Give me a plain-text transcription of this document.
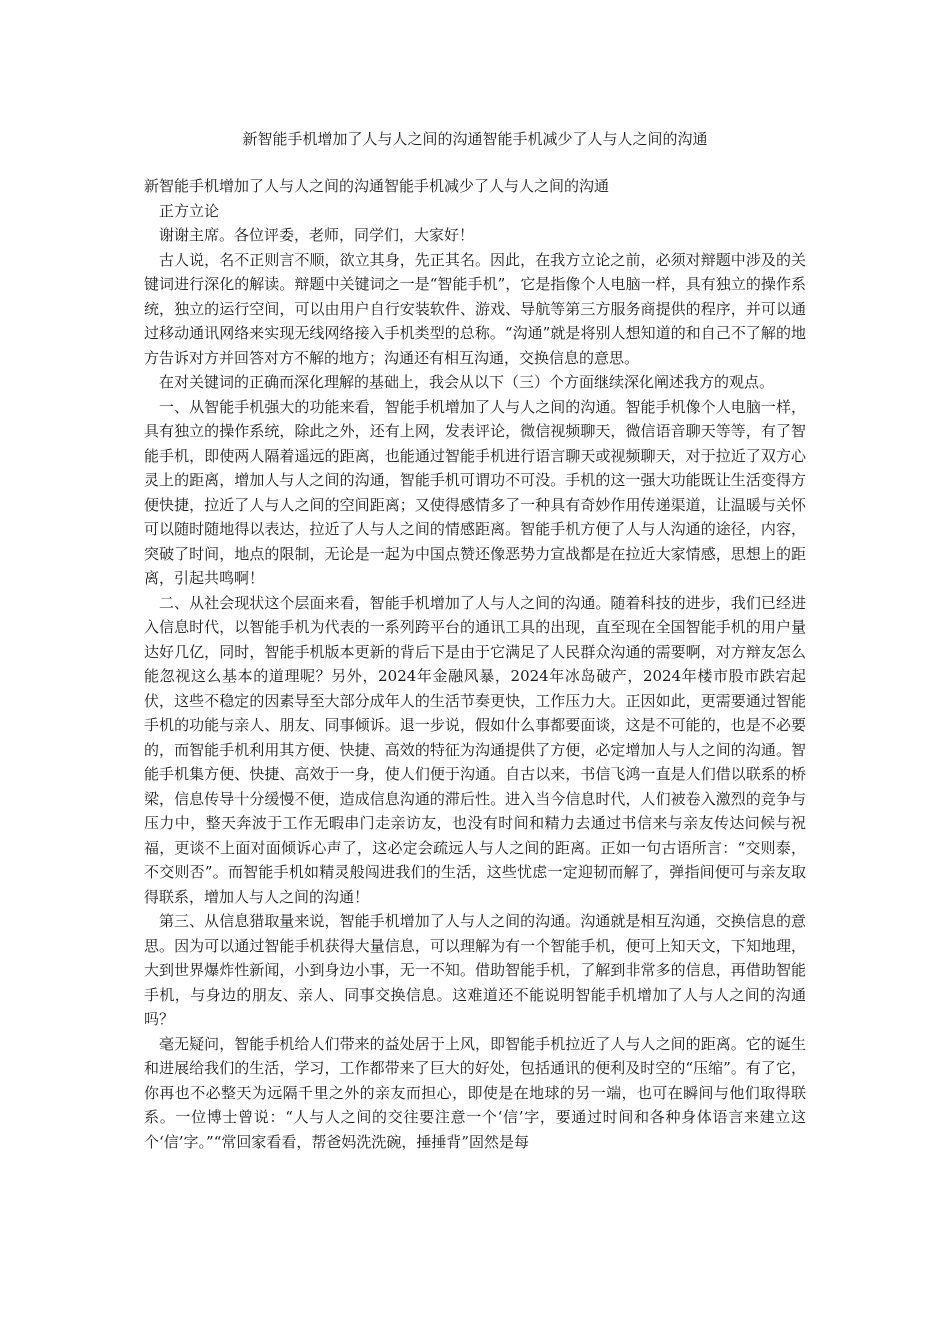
新智能手机增加了人与人之间的沟通智能手机减少了人与人之间的沟通

新智能手机增加了人与人之间的沟通智能手机减少了人与人之间的沟通

正方立论

谢谢主席。各位评委，老师，同学们，大家好！

古人说，名不正则言不顺，欲立其身，先正其名。因此，在我方立论之前，必须对辩题中涉及的关键词进行深化的解读。辩题中关键词之一是“智能手机”，它是指像个人电脑一样，具有独立的操作系统，独立的运行空间，可以由用户自行安装软件、游戏、导航等第三方服务商提供的程序，并可以通过移动通讯网络来实现无线网络接入手机类型的总称。“沟通”就是将别人想知道的和自己不了解的地方告诉对方并回答对方不解的地方；沟通还有相互沟通，交换信息的意思。

在对关键词的正确而深化理解的基础上，我会从以下（三）个方面继续深化阐述我方的观点。

一、从智能手机强大的功能来看，智能手机增加了人与人之间的沟通。智能手机像个人电脑一样，具有独立的操作系统，除此之外，还有上网，发表评论，微信视频聊天，微信语音聊天等等，有了智能手机，即使两人隔着遥远的距离，也能通过智能手机进行语言聊天或视频聊天，对于拉近了双方心灵上的距离，增加人与人之间的沟通，智能手机可谓功不可没。手机的这一强大功能既让生活变得方便快捷，拉近了人与人之间的空间距离；又使得感情多了一种具有奇妙作用传递渠道，让温暖与关怀可以随时随地得以表达，拉近了人与人之间的情感距离。智能手机方便了人与人沟通的途径，内容，突破了时间，地点的限制，无论是一起为中国点赞还像恶势力宣战都是在拉近大家情感，思想上的距离，引起共鸣啊！

二、从社会现状这个层面来看，智能手机增加了人与人之间的沟通。随着科技的进步，我们已经进入信息时代，以智能手机为代表的一系列跨平台的通讯工具的出现，直至现在全国智能手机的用户量达好几亿，同时，智能手机版本更新的背后下是由于它满足了人民群众沟通的需要啊，对方辩友怎么能忽视这么基本的道理呢？另外，2024年金融风暴，2024年冰岛破产，2024年楼市股市跌宕起伏，这些不稳定的因素导至大部分成年人的生活节奏更快，工作压力大。正因如此，更需要通过智能手机的功能与亲人、朋友、同事倾诉。退一步说，假如什么事都要面谈，这是不可能的，也是不必要的，而智能手机利用其方便、快捷、高效的特征为沟通提供了方便，必定增加人与人之间的沟通。智能手机集方便、快捷、高效于一身，使人们便于沟通。自古以来，书信飞鸿一直是人们借以联系的桥梁，信息传导十分缓慢不便，造成信息沟通的滞后性。进入当今信息时代，人们被卷入激烈的竞争与压力中，整天奔波于工作无暇串门走亲访友，也没有时间和精力去通过书信来与亲友传达问候与祝福，更谈不上面对面倾诉心声了，这必定会疏远人与人之间的距离。正如一句古语所言：“交则泰，不交则否”。而智能手机如精灵般闯进我们的生活，这些忧虑一定迎韧而解了，弹指间便可与亲友取得联系，增加人与人之间的沟通！

第三、从信息猎取量来说，智能手机增加了人与人之间的沟通。沟通就是相互沟通，交换信息的意思。因为可以通过智能手机获得大量信息，可以理解为有一个智能手机，便可上知天文，下知地理，大到世界爆炸性新闻，小到身边小事，无一不知。借助智能手机，了解到非常多的信息，再借助智能手机，与身边的朋友、亲人、同事交换信息。这难道还不能说明智能手机增加了人与人之间的沟通吗？

毫无疑问，智能手机给人们带来的益处居于上风，即智能手机拉近了人与人之间的距离。它的诞生和进展给我们的生活，学习，工作都带来了巨大的好处，包括通讯的便利及时空的“压缩”。有了它，你再也不必整天为远隔千里之外的亲友而担心，即使是在地球的另一端，也可在瞬间与他们取得联系。一位博士曾说：“人与人之间的交往要注意一个‘信’字，要通过时间和各种身体语言来建立这个‘信’字。”“常回家看看，帮爸妈洗洗碗，捶捶背”固然是每
